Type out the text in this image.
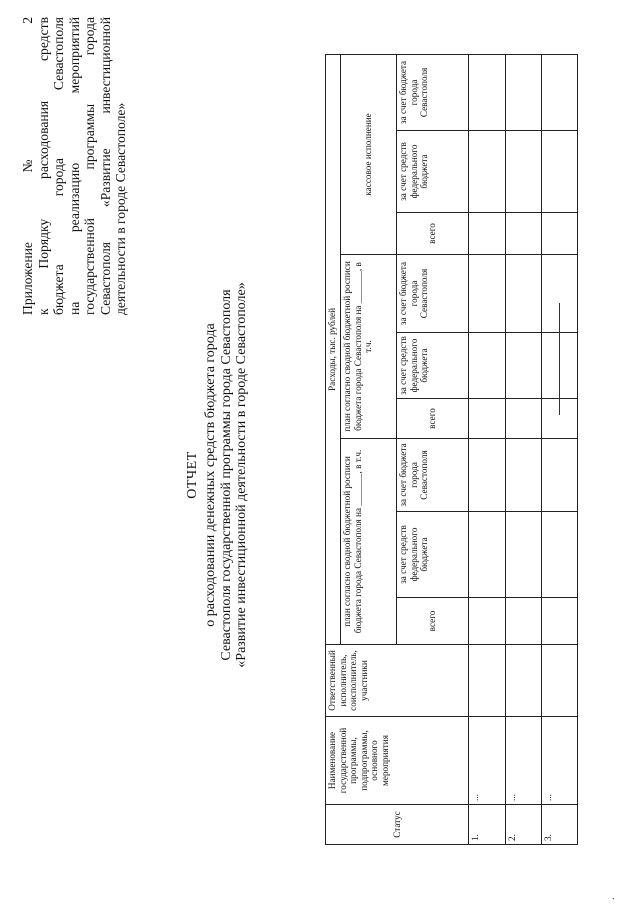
Приложение № 2 к Порядку расходования средств бюджета города Севастополя на реализацию мероприятий государственной программы города Севастополя «Развитие инвестиционной деятельности в городе Севастополе»
ОТЧЕТ о расходовании денежных средств бюджета города Севастополя государственной программы города Севастополя «Развитие инвестиционной деятельности в городе Севастополе»
Статус	Наименование государственной программы, подпрограммы, основного мероприятия	Ответственный исполнитель, соисполнитель, участники	Расходы, тыс. рублей								
			план согласно сводной бюджетной росписи бюджета города Севастополя на _______, в т.ч.			план согласно сводной бюджетной росписи бюджета города Севастополя на _______, в т.ч.			кассовое исполнение		
			всего	за счет средств федерального бюджета	за счет бюджета города Севастополя	всего	за счет средств федерального бюджета	за счет бюджета города Севастополя	всего	за счет средств федерального бюджета	за счет бюджета города Севастополя
1.	...										
2.	...										
3.	...										
.
